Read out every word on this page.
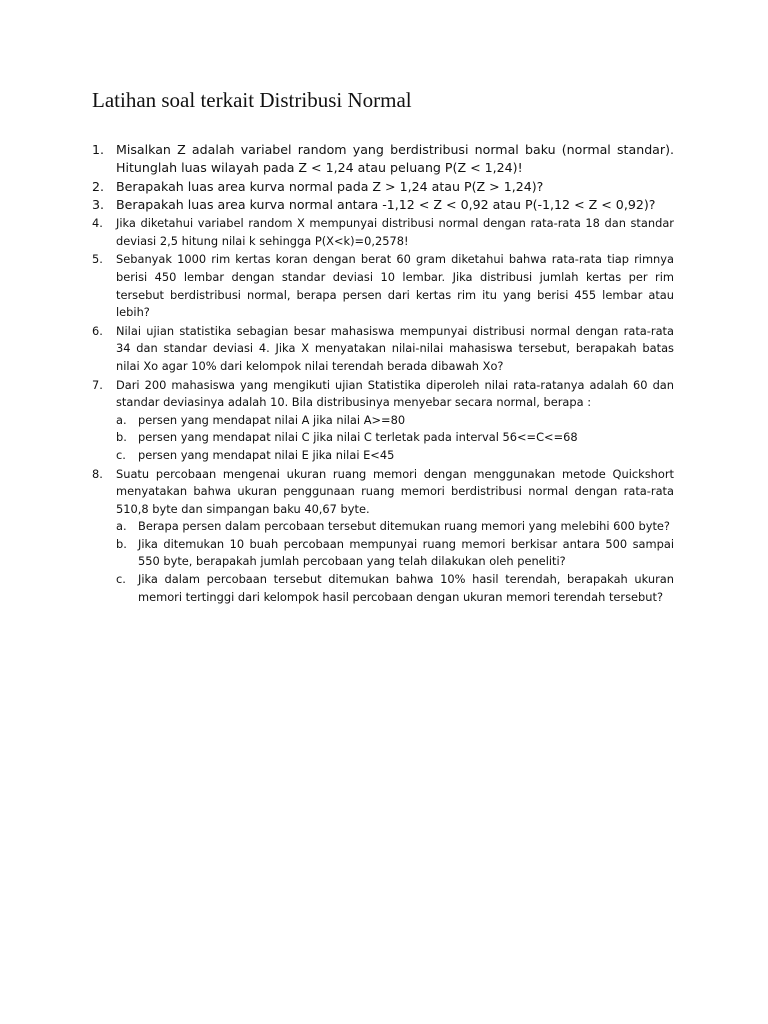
Latihan soal terkait Distribusi Normal
1. Misalkan Z adalah variabel random yang berdistribusi normal baku (normal standar). Hitunglah luas wilayah pada Z < 1,24 atau peluang P(Z < 1,24)!
2. Berapakah luas area kurva normal pada Z > 1,24 atau P(Z > 1,24)?
3. Berapakah luas area kurva normal antara -1,12 < Z < 0,92 atau P(-1,12 < Z < 0,92)?
4.	Jika diketahui variabel random X mempunyai distribusi normal dengan rata-rata 18 dan standar deviasi 2,5 hitung nilai k sehingga P(X<k)=0,2578!
5.	Sebanyak 1000 rim kertas koran dengan berat 60 gram diketahui bahwa rata-rata tiap rimnya berisi 450 lembar dengan standar deviasi 10 lembar. Jika distribusi jumlah kertas per rim tersebut berdistribusi normal, berapa persen dari kertas rim itu yang berisi 455 lembar atau lebih?
6.	Nilai ujian statistika sebagian besar mahasiswa mempunyai distribusi normal dengan rata-rata 34 dan standar deviasi 4. Jika X menyatakan nilai-nilai mahasiswa tersebut, berapakah batas nilai Xo agar 10% dari kelompok nilai terendah berada dibawah Xo?
7.	Dari 200 mahasiswa yang mengikuti ujian Statistika diperoleh nilai rata-ratanya adalah 60 dan standar deviasinya adalah 10. Bila distribusinya menyebar secara normal, berapa :
a. persen yang mendapat nilai A jika nilai A>=80
b. persen yang mendapat nilai C jika nilai C terletak pada interval 56<=C<=68
c.	persen yang mendapat nilai E jika nilai E<45
8.	Suatu percobaan mengenai ukuran ruang memori dengan menggunakan metode Quickshort menyatakan bahwa ukuran penggunaan ruang memori berdistribusi normal dengan rata-rata 510,8 byte dan simpangan baku 40,67 byte.
a. Berapa persen dalam percobaan tersebut ditemukan ruang memori yang melebihi 600 byte?
b. Jika ditemukan 10 buah percobaan mempunyai ruang memori berkisar antara 500 sampai 550 byte, berapakah jumlah percobaan yang telah dilakukan oleh peneliti?
c.	Jika dalam percobaan tersebut ditemukan bahwa 10% hasil terendah, berapakah ukuran memori tertinggi dari kelompok hasil percobaan dengan ukuran memori terendah tersebut?
